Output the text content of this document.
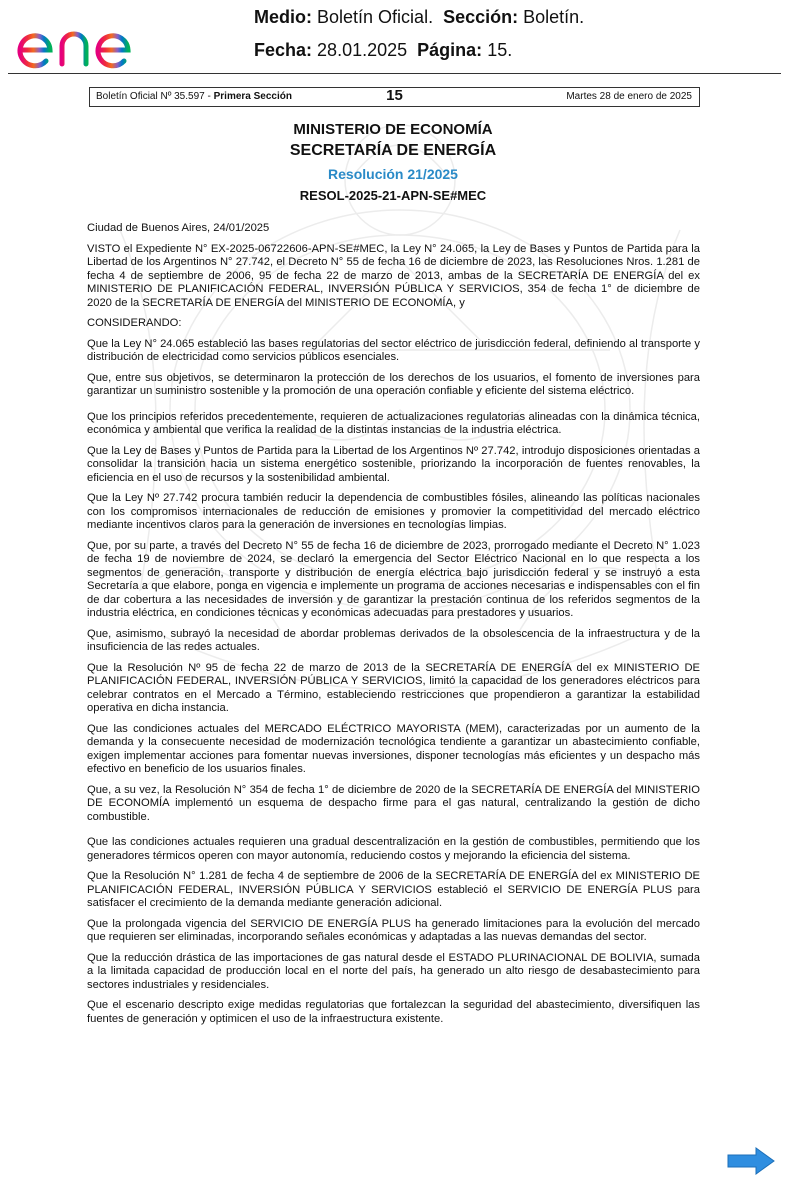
Medio: Boletín Oficial. Sección: Boletín.
Fecha: 28.01.2025 Página: 15.
Boletín Oficial Nº 35.597 - Primera Sección	15	Martes 28 de enero de 2025
MINISTERIO DE ECONOMÍA
SECRETARÍA DE ENERGÍA
Resolución 21/2025
RESOL-2025-21-APN-SE#MEC

Ciudad de Buenos Aires, 24/01/2025

VISTO el Expediente N° EX-2025-06722606-APN-SE#MEC, la Ley N° 24.065, la Ley de Bases y Puntos de Partida para la Libertad de los Argentinos N° 27.742, el Decreto N° 55 de fecha 16 de diciembre de 2023, las Resoluciones Nros. 1.281 de fecha 4 de septiembre de 2006, 95 de fecha 22 de marzo de 2013, ambas de la SECRETARÍA DE ENERGÍA del ex MINISTERIO DE PLANIFICACIÓN FEDERAL, INVERSIÓN PÚBLICA Y SERVICIOS, 354 de fecha 1° de diciembre de 2020 de la SECRETARÍA DE ENERGÍA del MINISTERIO DE ECONOMÍA, y

CONSIDERANDO:

Que la Ley N° 24.065 estableció las bases regulatorias del sector eléctrico de jurisdicción federal, definiendo al transporte y distribución de electricidad como servicios públicos esenciales.

Que, entre sus objetivos, se determinaron la protección de los derechos de los usuarios, el fomento de inversiones para garantizar un suministro sostenible y la promoción de una operación confiable y eficiente del sistema eléctrico.

Que los principios referidos precedentemente, requieren de actualizaciones regulatorias alineadas con la dinámica técnica, económica y ambiental que verifica la realidad de la distintas instancias de la industria eléctrica.

Que la Ley de Bases y Puntos de Partida para la Libertad de los Argentinos Nº 27.742, introdujo disposiciones orientadas a consolidar la transición hacia un sistema energético sostenible, priorizando la incorporación de fuentes renovables, la eficiencia en el uso de recursos y la sostenibilidad ambiental.

Que la Ley Nº 27.742 procura también reducir la dependencia de combustibles fósiles, alineando las políticas nacionales con los compromisos internacionales de reducción de emisiones y promovier la competitividad del mercado eléctrico mediante incentivos claros para la generación de inversiones en tecnologías limpias.

Que, por su parte, a través del Decreto N° 55 de fecha 16 de diciembre de 2023, prorrogado mediante el Decreto N° 1.023 de fecha 19 de noviembre de 2024, se declaró la emergencia del Sector Eléctrico Nacional en lo que respecta a los segmentos de generación, transporte y distribución de energía eléctrica bajo jurisdicción federal y se instruyó a esta Secretaría a que elabore, ponga en vigencia e implemente un programa de acciones necesarias e indispensables con el fin de dar cobertura a las necesidades de inversión y de garantizar la prestación continua de los referidos segmentos de la industria eléctrica, en condiciones técnicas y económicas adecuadas para prestadores y usuarios.

Que, asimismo, subrayó la necesidad de abordar problemas derivados de la obsolescencia de la infraestructura y de la insuficiencia de las redes actuales.

Que la Resolución Nº 95 de fecha 22 de marzo de 2013 de la SECRETARÍA DE ENERGÍA del ex MINISTERIO DE PLANIFICACIÓN FEDERAL, INVERSIÓN PÚBLICA Y SERVICIOS, limitó la capacidad de los generadores eléctricos para celebrar contratos en el Mercado a Término, estableciendo restricciones que propendieron a garantizar la estabilidad operativa en dicha instancia.

Que las condiciones actuales del MERCADO ELÉCTRICO MAYORISTA (MEM), caracterizadas por un aumento de la demanda y la consecuente necesidad de modernización tecnológica tendiente a garantizar un abastecimiento confiable, exigen implementar acciones para fomentar nuevas inversiones, disponer tecnologías más eficientes y un despacho más efectivo en beneficio de los usuarios finales.

Que, a su vez, la Resolución N° 354 de fecha 1° de diciembre de 2020 de la SECRETARÍA DE ENERGÍA del MINISTERIO DE ECONOMÍA implementó un esquema de despacho firme para el gas natural, centralizando la gestión de dicho combustible.

Que las condiciones actuales requieren una gradual descentralización en la gestión de combustibles, permitiendo que los generadores térmicos operen con mayor autonomía, reduciendo costos y mejorando la eficiencia del sistema.

Que la Resolución N° 1.281 de fecha 4 de septiembre de 2006 de la SECRETARÍA DE ENERGÍA del ex MINISTERIO DE PLANIFICACIÓN FEDERAL, INVERSIÓN PÚBLICA Y SERVICIOS estableció el SERVICIO DE ENERGÍA PLUS para satisfacer el crecimiento de la demanda mediante generación adicional.

Que la prolongada vigencia del SERVICIO DE ENERGÍA PLUS ha generado limitaciones para la evolución del mercado que requieren ser eliminadas, incorporando señales económicas y adaptadas a las nuevas demandas del sector.

Que la reducción drástica de las importaciones de gas natural desde el ESTADO PLURINACIONAL DE BOLIVIA, sumada a la limitada capacidad de producción local en el norte del país, ha generado un alto riesgo de desabastecimiento para sectores industriales y residenciales.

Que el escenario descripto exige medidas regulatorias que fortalezcan la seguridad del abastecimiento, diversifiquen las fuentes de generación y optimicen el uso de la infraestructura existente.
